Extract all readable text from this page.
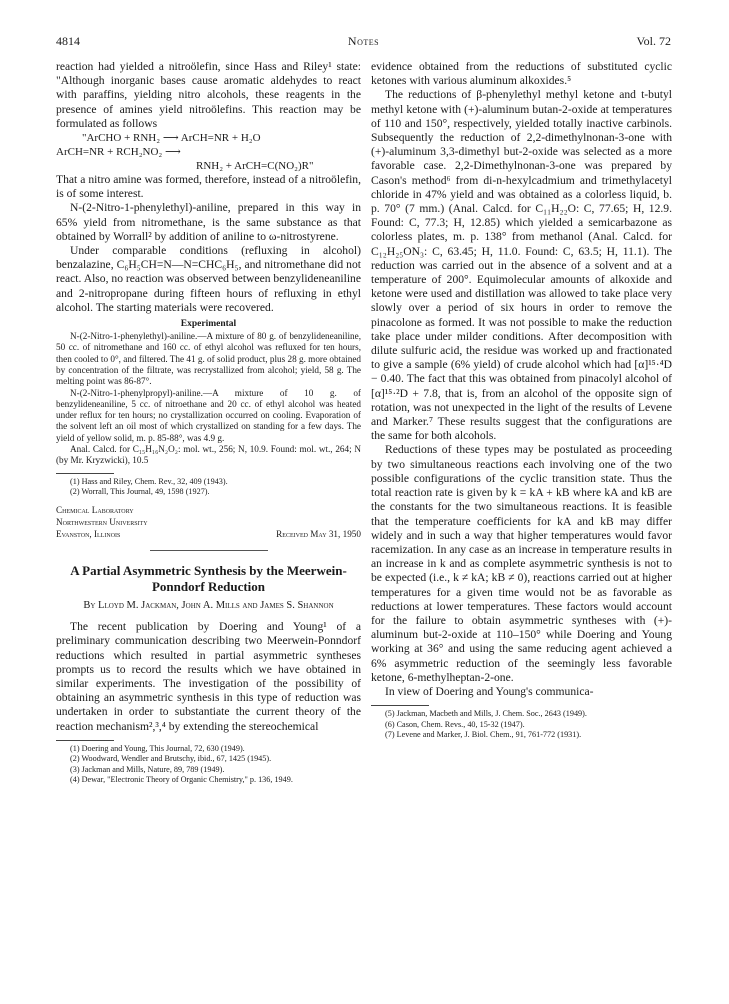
4814	Notes	Vol. 72

reaction had yielded a nitroölefin, since Hass and Riley¹ state: "Although inorganic bases cause aromatic aldehydes to react with paraffins, yielding nitro alcohols, these reagents in the presence of amines yield nitroölefins. This reaction may be formulated as follows

"ArCHO + RNH₂ ⟶ ArCH=NR + H₂O
ArCH=NR + RCH₂NO₂ ⟶
RNH₂ + ArCH=C(NO₂)R"

That a nitro amine was formed, therefore, instead of a nitroölefin, is of some interest.

N-(2-Nitro-1-phenylethyl)-aniline, prepared in this way in 65% yield from nitromethane, is the same substance as that obtained by Worrall² by addition of aniline to ω-nitrostyrene.

Under comparable conditions (refluxing in alcohol) benzalazine, C₆H₅CH=N—N=CHC₆H₅, and nitromethane did not react. Also, no reaction was observed between benzylideneaniline and 2-nitropropane during fifteen hours of refluxing in ethyl alcohol. The starting materials were recovered.

Experimental

N-(2-Nitro-1-phenylethyl)-aniline.—A mixture of 80 g. of benzylideneaniline, 50 cc. of nitromethane and 160 cc. of ethyl alcohol was refluxed for ten hours, then cooled to 0°, and filtered. The 41 g. of solid product, plus 28 g. more obtained by concentration of the filtrate, was recrystallized from alcohol; yield, 58 g. The melting point was 86-87°.

N-(2-Nitro-1-phenylpropyl)-aniline.—A mixture of 10 g. of benzylideneaniline, 5 cc. of nitroethane and 20 cc. of ethyl alcohol was heated under reflux for ten hours; no crystallization occurred on cooling. Evaporation of the solvent left an oil most of which crystallized on standing for a few days. The yield of yellow solid, m. p. 85-88°, was 4.9 g.

Anal. Calcd. for C₁₅H₁₆N₂O₂: mol. wt., 256; N, 10.9. Found: mol. wt., 264; N (by Mr. Kryzwicki), 10.5

(1) Hass and Riley, Chem. Rev., 32, 409 (1943).

(2) Worrall, This Journal, 49, 1598 (1927).

Chemical Laboratory
Northwestern University
Evanston, Illinois	Received May 31, 1950
A Partial Asymmetric Synthesis by the Meerwein-Ponndorf Reduction
By Lloyd M. Jackman, John A. Mills and James S. Shannon

The recent publication by Doering and Young¹ of a preliminary communication describing two Meerwein-Ponndorf reductions which resulted in partial asymmetric syntheses prompts us to record the results which we have obtained in similar experiments. The investigation of the possibility of obtaining an asymmetric synthesis in this type of reduction was undertaken in order to substantiate the current theory of the reaction mechanism²,³,⁴ by extending the stereochemical

(1) Doering and Young, This Journal, 72, 630 (1949).

(2) Woodward, Wendler and Brutschy, ibid., 67, 1425 (1945).

(3) Jackman and Mills, Nature, 89, 789 (1949).

(4) Dewar, "Electronic Theory of Organic Chemistry," p. 136, 1949.

evidence obtained from the reductions of substituted cyclic ketones with various aluminum alkoxides.⁵

The reductions of β-phenylethyl methyl ketone and t-butyl methyl ketone with (+)-aluminum butan-2-oxide at temperatures of 110 and 150°, respectively, yielded totally inactive carbinols. Subsequently the reduction of 2,2-dimethylnonan-3-one with (+)-aluminum 3,3-dimethyl but-2-oxide was selected as a more favorable case. 2,2-Dimethylnonan-3-one was prepared by Cason's method⁶ from di-n-hexylcadmium and trimethylacetyl chloride in 47% yield and was obtained as a colorless liquid, b. p. 70° (7 mm.) (Anal. Calcd. for C₁₁H₂₂O: C, 77.65; H, 12.9. Found: C, 77.3; H, 12.85) which yielded a semicarbazone as colorless plates, m. p. 138° from methanol (Anal. Calcd. for C₁₂H₂₅ON₃: C, 63.45; H, 11.0. Found: C, 63.5; H, 11.1). The reduction was carried out in the absence of a solvent and at a temperature of 200°. Equimolecular amounts of alkoxide and ketone were used and distillation was allowed to take place very slowly over a period of six hours in order to remove the pinacolone as formed. It was not possible to make the reduction take place under milder conditions. After decomposition with dilute sulfuric acid, the residue was worked up and fractionated to give a sample (6% yield) of crude alcohol which had [α]¹⁵·⁴D − 0.40. The fact that this was obtained from pinacolyl alcohol of [α]¹⁵·²D + 7.8, that is, from an alcohol of the opposite sign of rotation, was not unexpected in the light of the results of Levene and Marker.⁷ These results suggest that the configurations are the same for both alcohols.

Reductions of these types may be postulated as proceeding by two simultaneous reactions each involving one of the two possible configurations of the cyclic transition state. Thus the total reaction rate is given by k = kA + kB where kA and kB are the constants for the two simultaneous reactions. It is feasible that the temperature coefficients for kA and kB may differ widely and in such a way that higher temperatures would favor racemization. In any case as an increase in temperature results in an increase in k and as complete asymmetric synthesis is not to be expected (i.e., k ≠ kA; kB ≠ 0), reactions carried out at higher temperatures for a given time would not be as favorable as reductions at lower temperatures. These factors would account for the failure to obtain asymmetric syntheses with (+)-aluminum but-2-oxide at 110–150° while Doering and Young working at 36° and using the same reducing agent achieved a 6% asymmetric reduction of the seemingly less favorable ketone, 6-methylheptan-2-one.

In view of Doering and Young's communica-

(5) Jackman, Macbeth and Mills, J. Chem. Soc., 2643 (1949).

(6) Cason, Chem. Revs., 40, 15-32 (1947).

(7) Levene and Marker, J. Biol. Chem., 91, 761-772 (1931).
